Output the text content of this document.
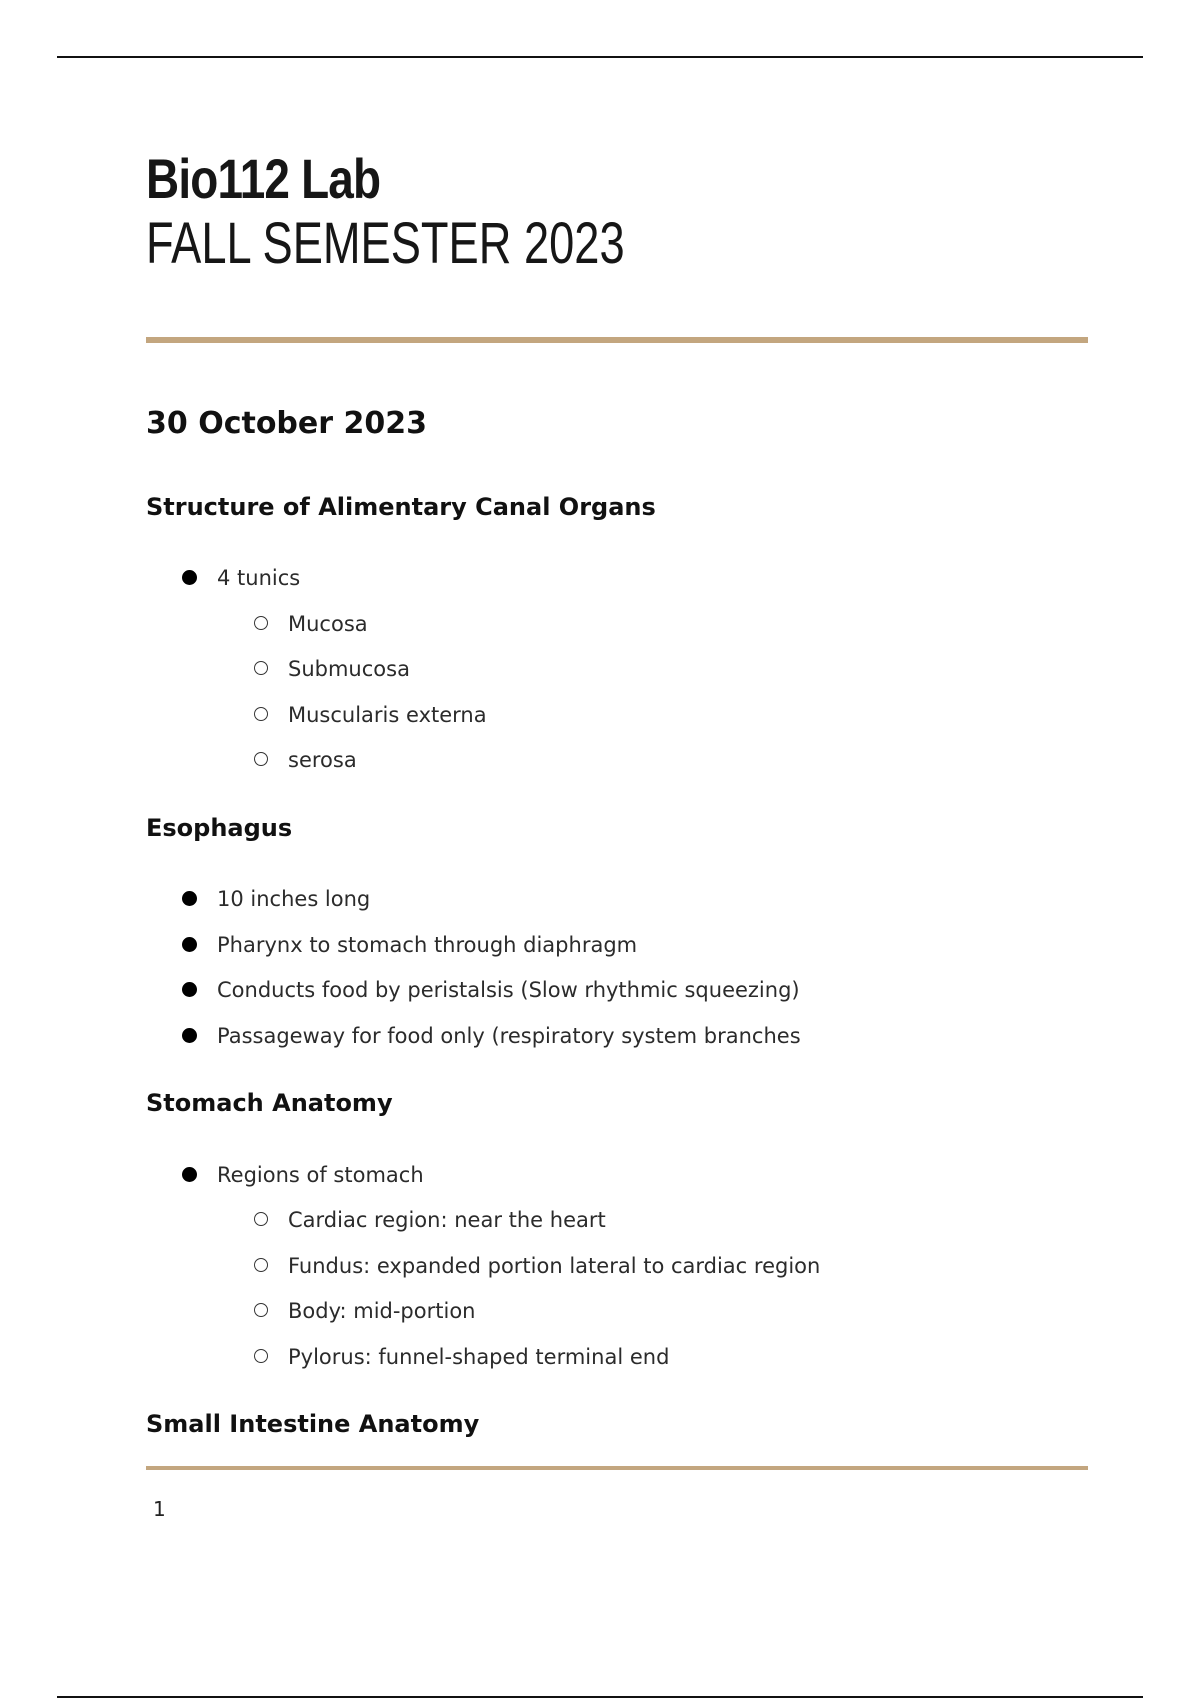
Bio112 Lab
FALL SEMESTER 2023
30 October 2023
Structure of Alimentary Canal Organs
4 tunics
Mucosa
Submucosa
Muscularis externa
serosa
Esophagus
10 inches long
Pharynx to stomach through diaphragm
Conducts food by peristalsis (Slow rhythmic squeezing)
Passageway for food only (respiratory system branches
Stomach Anatomy
Regions of stomach
Cardiac region: near the heart
Fundus: expanded portion lateral to cardiac region
Body: mid-portion
Pylorus: funnel-shaped terminal end
Small Intestine Anatomy
1
